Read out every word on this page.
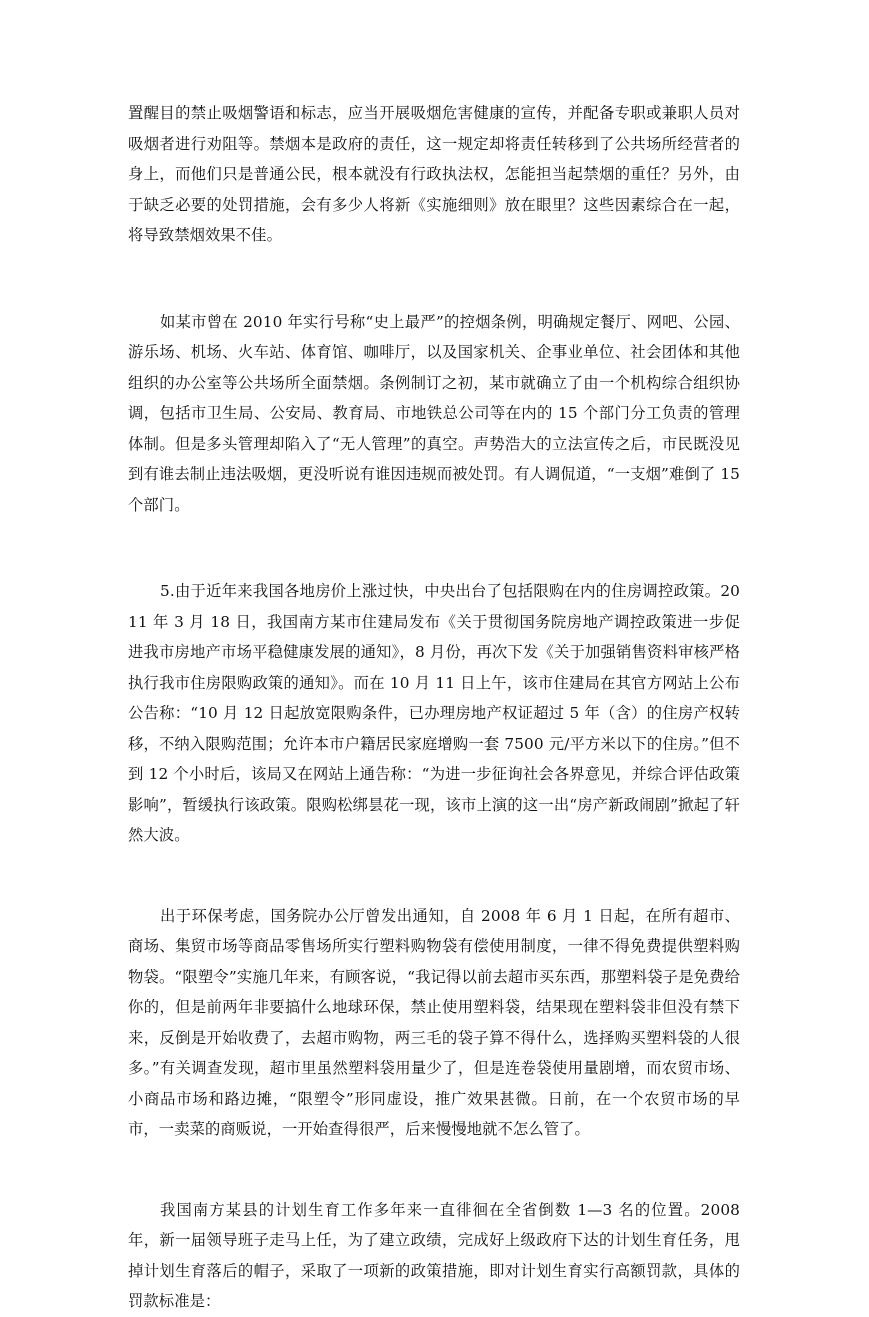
置醒目的禁止吸烟警语和标志，应当开展吸烟危害健康的宣传，并配备专职或兼职人员对吸烟者进行劝阻等。禁烟本是政府的责任，这一规定却将责任转移到了公共场所经营者的身上，而他们只是普通公民，根本就没有行政执法权，怎能担当起禁烟的重任？另外，由于缺乏必要的处罚措施，会有多少人将新《实施细则》放在眼里？这些因素综合在一起，将导致禁烟效果不佳。

如某市曾在 2010 年实行号称“史上最严”的控烟条例，明确规定餐厅、网吧、公园、游乐场、机场、火车站、体育馆、咖啡厅，以及国家机关、企事业单位、社会团体和其他组织的办公室等公共场所全面禁烟。条例制订之初，某市就确立了由一个机构综合组织协调，包括市卫生局、公安局、教育局、市地铁总公司等在内的 15 个部门分工负责的管理体制。但是多头管理却陷入了“无人管理”的真空。声势浩大的立法宣传之后，市民既没见到有谁去制止违法吸烟，更没听说有谁因违规而被处罚。有人调侃道，“一支烟”难倒了 15 个部门。

5.由于近年来我国各地房价上涨过快，中央出台了包括限购在内的住房调控政策。2011 年 3 月 18 日，我国南方某市住建局发布《关于贯彻国务院房地产调控政策进一步促进我市房地产市场平稳健康发展的通知》，8 月份，再次下发《关于加强销售资料审核严格执行我市住房限购政策的通知》。而在 10 月 11 日上午，该市住建局在其官方网站上公布公告称：“10 月 12 日起放宽限购条件，已办理房地产权证超过 5 年（含）的住房产权转移，不纳入限购范围；允许本市户籍居民家庭增购一套 7500 元/平方米以下的住房。”但不到 12 个小时后，该局又在网站上通告称：“为进一步征询社会各界意见，并综合评估政策影响”，暂缓执行该政策。限购松绑昙花一现，该市上演的这一出“房产新政闹剧”掀起了轩然大波。

出于环保考虑，国务院办公厅曾发出通知，自 2008 年 6 月 1 日起，在所有超市、商场、集贸市场等商品零售场所实行塑料购物袋有偿使用制度，一律不得免费提供塑料购物袋。“限塑令”实施几年来，有顾客说，“我记得以前去超市买东西，那塑料袋子是免费给你的，但是前两年非要搞什么地球环保，禁止使用塑料袋，结果现在塑料袋非但没有禁下来，反倒是开始收费了，去超市购物，两三毛的袋子算不得什么，选择购买塑料袋的人很多。”有关调查发现，超市里虽然塑料袋用量少了，但是连卷袋使用量剧增，而农贸市场、小商品市场和路边摊，“限塑令”形同虚设，推广效果甚微。日前，在一个农贸市场的早市，一卖菜的商贩说，一开始查得很严，后来慢慢地就不怎么管了。

我国南方某县的计划生育工作多年来一直徘徊在全省倒数 1—3 名的位置。2008 年，新一届领导班子走马上任，为了建立政绩，完成好上级政府下达的计划生育任务，甩掉计划生育落后的帽子，采取了一项新的政策措施，即对计划生育实行高额罚款，具体的罚款标准是：
